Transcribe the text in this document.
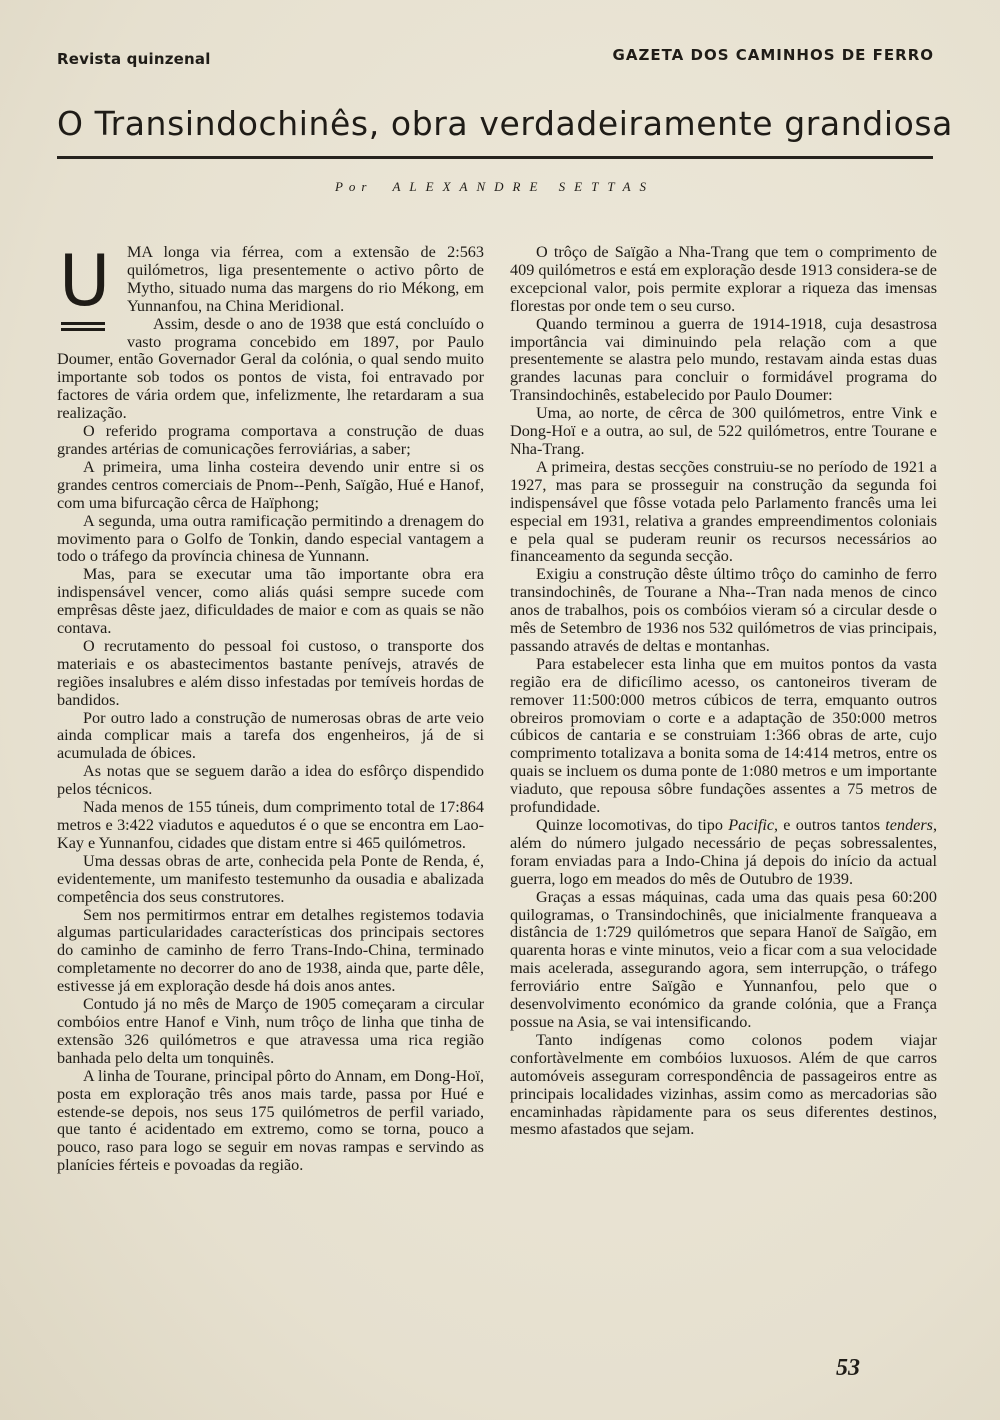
Revista quinzenal	GAZETA DOS CAMINHOS DE FERRO
O Transindochinês, obra verdadeiramente grandiosa
Por ALEXANDRE SETTAS
U	MA longa via férrea, com a extensão de 2:563 quilómetros, liga presentemente o activo pôrto de Mytho, situado numa das margens do rio Mékong, em Yunnanfou, na China Meridional.

Assim, desde o ano de 1938 que está concluído o vasto programa concebido em 1897, por Paulo Doumer, então Governador Geral da colónia, o qual sendo muito importante sob todos os pontos de vista, foi entravado por factores de vária ordem que, infelizmente, lhe retardaram a sua realização.

O referido programa comportava a construção de duas grandes artérias de comunicações ferroviárias, a saber;

A primeira, uma linha costeira devendo unir entre si os grandes centros comerciais de Pnom--Penh, Saïgão, Hué e Hanof, com uma bifurcação cêrca de Haïphong;

A segunda, uma outra ramificação permitindo a drenagem do movimento para o Golfo de Tonkin, dando especial vantagem a todo o tráfego da província chinesa de Yunnann.

Mas, para se executar uma tão importante obra era indispensável vencer, como aliás quási sempre sucede com emprêsas dêste jaez, dificuldades de maior e com as quais se não contava.

O recrutamento do pessoal foi custoso, o transporte dos materiais e os abastecimentos bastante penívejs, através de regiões insalubres e além disso infestadas por temíveis hordas de bandidos.

Por outro lado a construção de numerosas obras de arte veio ainda complicar mais a tarefa dos engenheiros, já de si acumulada de óbices.

As notas que se seguem darão a idea do esfôrço dispendido pelos técnicos.

Nada menos de 155 túneis, dum comprimento total de 17:864 metros e 3:422 viadutos e aquedutos é o que se encontra em Lao-Kay e Yunnanfou, cidades que distam entre si 465 quilómetros.

Uma dessas obras de arte, conhecida pela Ponte de Renda, é, evidentemente, um manifesto testemunho da ousadia e abalizada competência dos seus construtores.

Sem nos permitirmos entrar em detalhes registemos todavia algumas particularidades características dos principais sectores do caminho de caminho de ferro Trans-Indo-China, terminado completamente no decorrer do ano de 1938, ainda que, parte dêle, estivesse já em exploração desde há dois anos antes.

Contudo já no mês de Março de 1905 começaram a circular combóios entre Hanof e Vinh, num trôço de linha que tinha de extensão 326 quilómetros e que atravessa uma rica região banhada pelo delta um tonquinês.

A linha de Tourane, principal pôrto do Annam, em Dong-Hoï, posta em exploração três anos mais tarde, passa por Hué e estende-se depois, nos seus 175 quilómetros de perfil variado, que tanto é acidentado em extremo, como se torna, pouco a pouco, raso para logo se seguir em novas rampas e servindo as planícies férteis e povoadas da região.

O trôço de Saïgão a Nha-Trang que tem o comprimento de 409 quilómetros e está em exploração desde 1913 considera-se de excepcional valor, pois permite explorar a riqueza das imensas florestas por onde tem o seu curso.

Quando terminou a guerra de 1914-1918, cuja desastrosa importância vai diminuindo pela relação com a que presentemente se alastra pelo mundo, restavam ainda estas duas grandes lacunas para concluir o formidável programa do Transindochinês, estabelecido por Paulo Doumer:

Uma, ao norte, de cêrca de 300 quilómetros, entre Vink e Dong-Hoï e a outra, ao sul, de 522 quilómetros, entre Tourane e Nha-Trang.

A primeira, destas secções construiu-se no período de 1921 a 1927, mas para se prosseguir na construção da segunda foi indispensável que fôsse votada pelo Parlamento francês uma lei especial em 1931, relativa a grandes empreendimentos coloniais e pela qual se puderam reunir os recursos necessários ao financeamento da segunda secção.

Exigiu a construção dêste último trôço do caminho de ferro transindochinês, de Tourane a Nha--Tran nada menos de cinco anos de trabalhos, pois os combóios vieram só a circular desde o mês de Setembro de 1936 nos 532 quilómetros de vias principais, passando através de deltas e montanhas.

Para estabelecer esta linha que em muitos pontos da vasta região era de dificílimo acesso, os cantoneiros tiveram de remover 11:500:000 metros cúbicos de terra, emquanto outros obreiros promoviam o corte e a adaptação de 350:000 metros cúbicos de cantaria e se construiam 1:366 obras de arte, cujo comprimento totalizava a bonita soma de 14:414 metros, entre os quais se incluem os duma ponte de 1:080 metros e um importante viaduto, que repousa sôbre fundações assentes a 75 metros de profundidade.

Quinze locomotivas, do tipo Pacific, e outros tantos tenders, além do número julgado necessário de peças sobressalentes, foram enviadas para a Indo-China já depois do início da actual guerra, logo em meados do mês de Outubro de 1939.

Graças a essas máquinas, cada uma das quais pesa 60:200 quilogramas, o Transindochinês, que inicialmente franqueava a distância de 1:729 quilómetros que separa Hanoï de Saïgão, em quarenta horas e vinte minutos, veio a ficar com a sua velocidade mais acelerada, assegurando agora, sem interrupção, o tráfego ferroviário entre Saïgão e Yunnanfou, pelo que o desenvolvimento económico da grande colónia, que a França possue na Asia, se vai intensificando.

Tanto indígenas como colonos podem viajar confortàvelmente em combóios luxuosos. Além de que carros automóveis asseguram correspondência de passageiros entre as principais localidades vizinhas, assim como as mercadorias são encaminhadas ràpidamente para os seus diferentes destinos, mesmo afastados que sejam.

53
